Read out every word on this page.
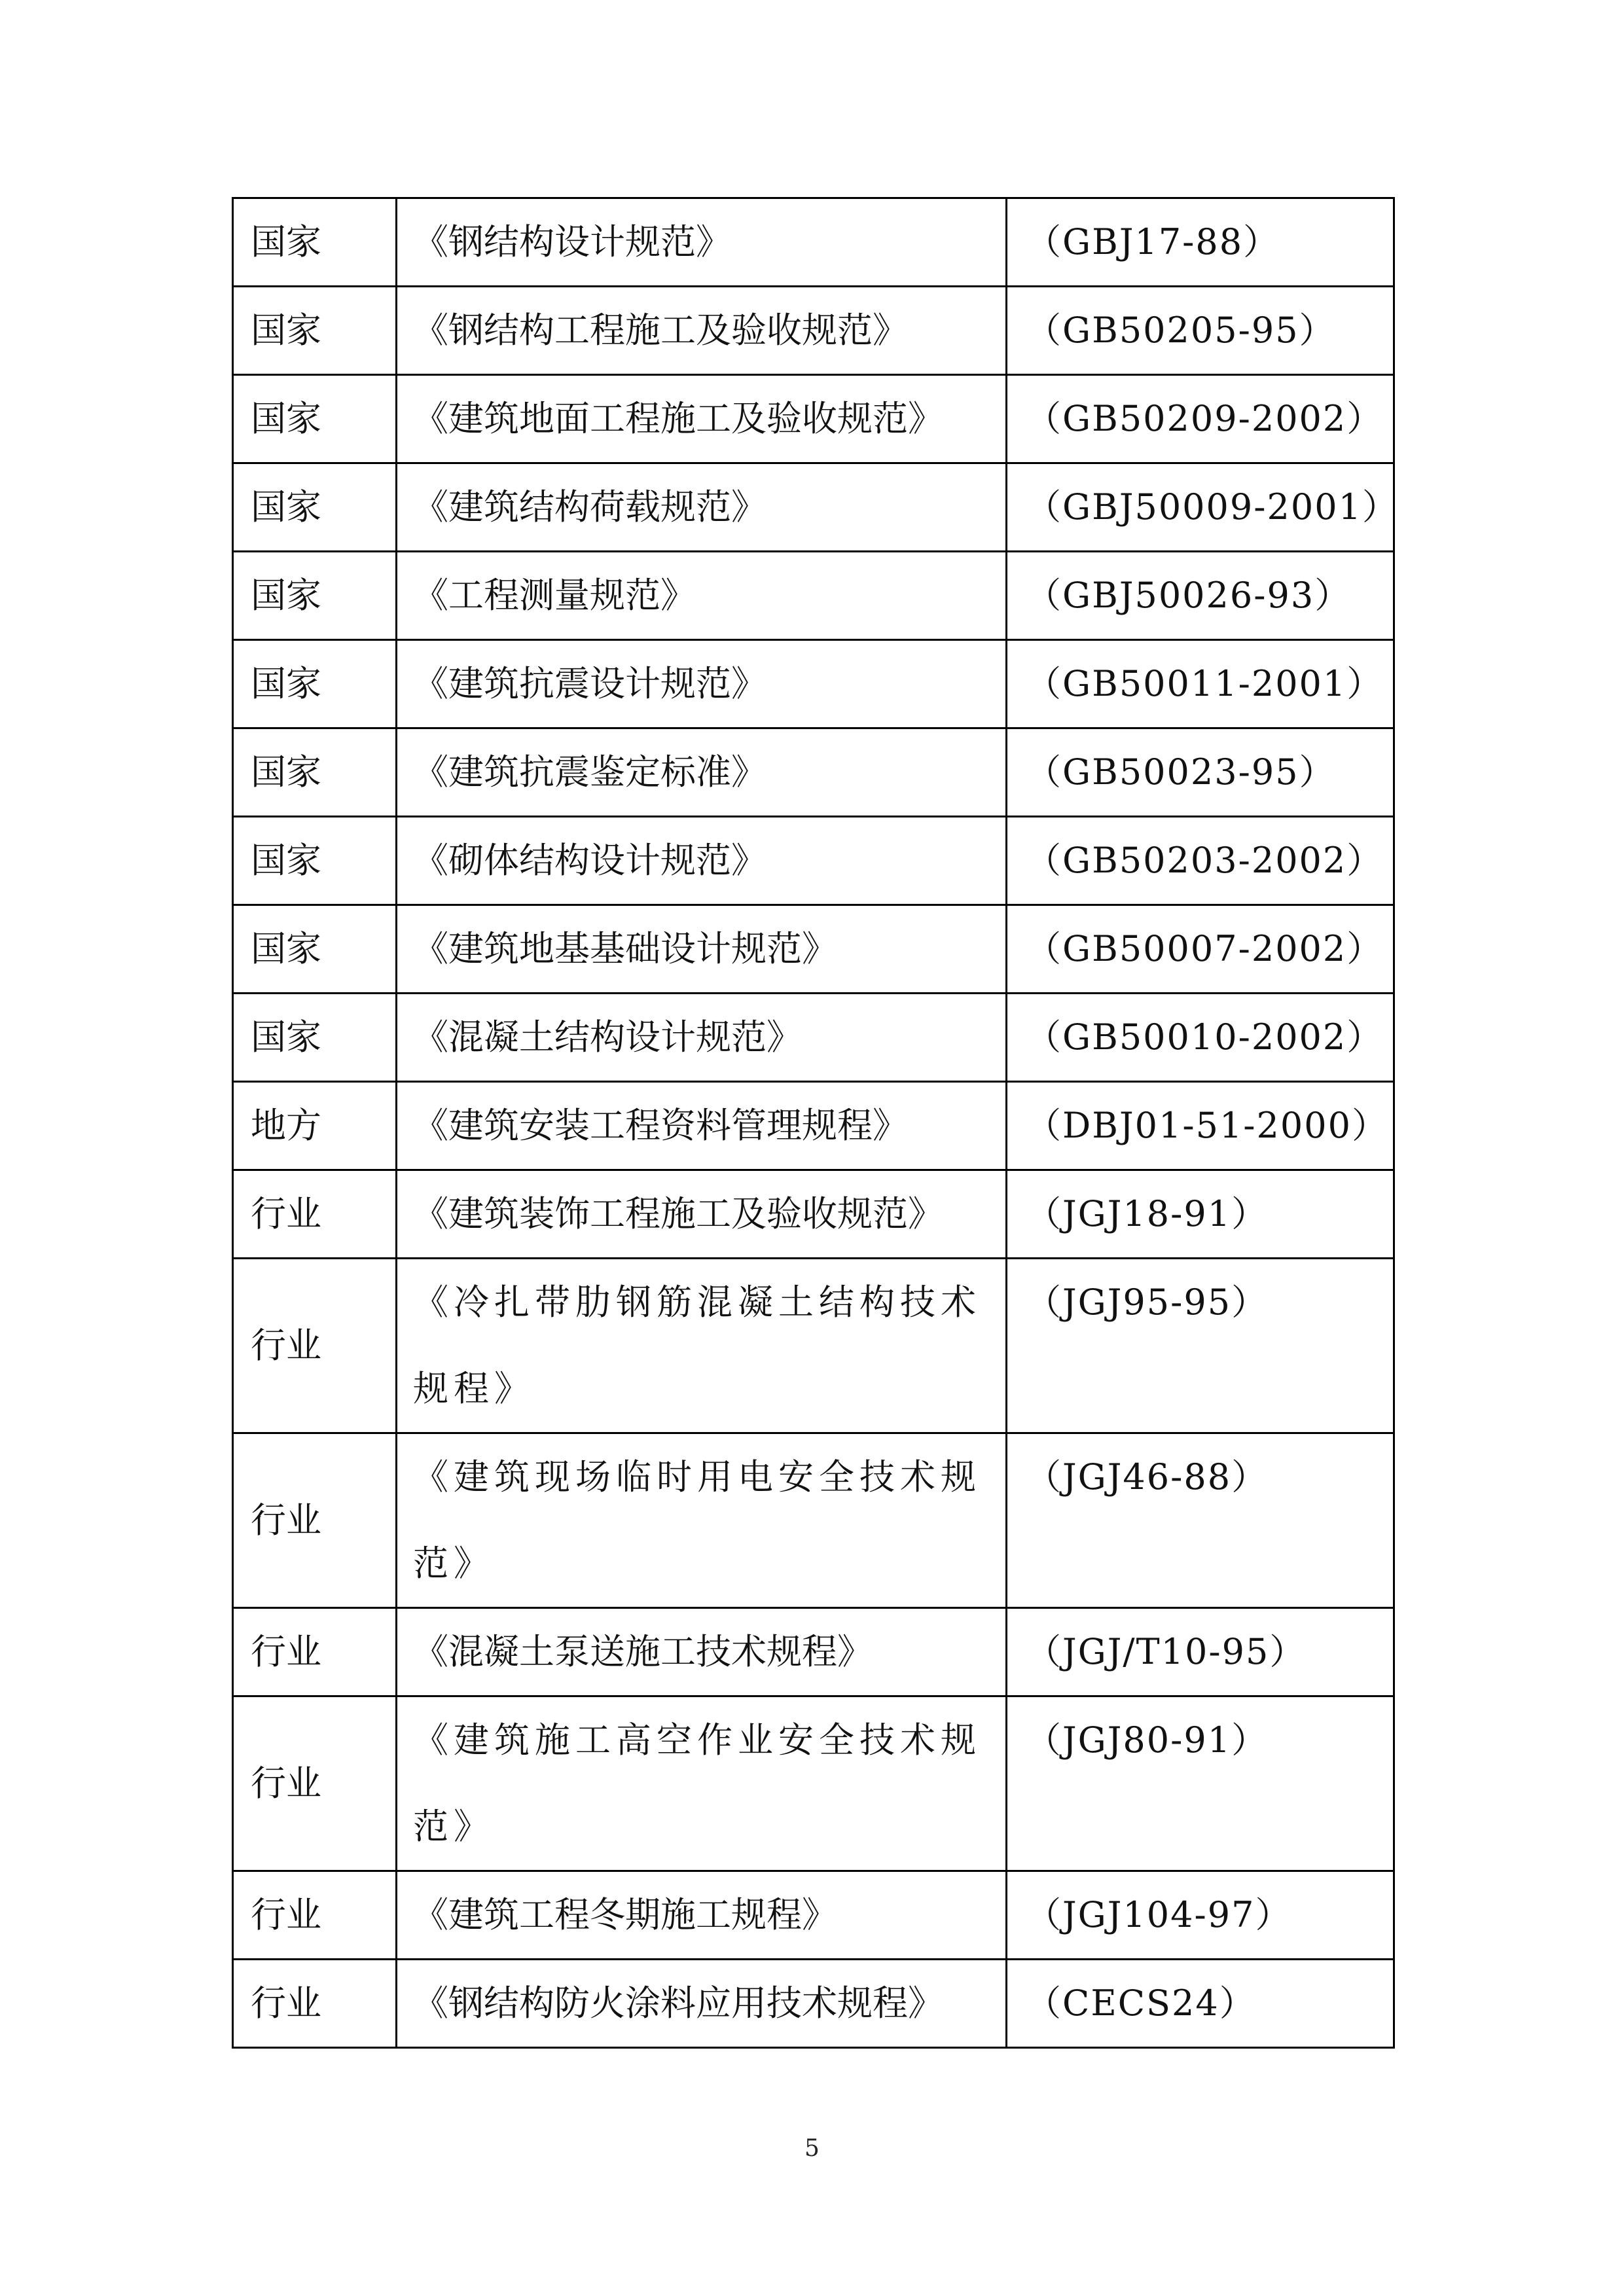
国家	《钢结构设计规范》	（GBJ17-88）
国家	《钢结构工程施工及验收规范》	（GB50205-95）
国家	《建筑地面工程施工及验收规范》	（GB50209-2002）
国家	《建筑结构荷载规范》	（GBJ50009-2001）
国家	《工程测量规范》	（GBJ50026-93）
国家	《建筑抗震设计规范》	（GB50011-2001）
国家	《建筑抗震鉴定标准》	（GB50023-95）
国家	《砌体结构设计规范》	（GB50203-2002）
国家	《建筑地基基础设计规范》	（GB50007-2002）
国家	《混凝土结构设计规范》	（GB50010-2002）
地方	《建筑安装工程资料管理规程》	（DBJ01-51-2000）
行业	《建筑装饰工程施工及验收规范》	（JGJ18-91）
行业	《冷扎带肋钢筋混凝土结构技术规程》	（JGJ95-95）
行业	《建筑现场临时用电安全技术规范》	（JGJ46-88）
行业	《混凝土泵送施工技术规程》	（JGJ/T10-95）
行业	《建筑施工高空作业安全技术规范》	（JGJ80-91）
行业	《建筑工程冬期施工规程》	（JGJ104-97）
行业	《钢结构防火涂料应用技术规程》	（CECS24）
5
